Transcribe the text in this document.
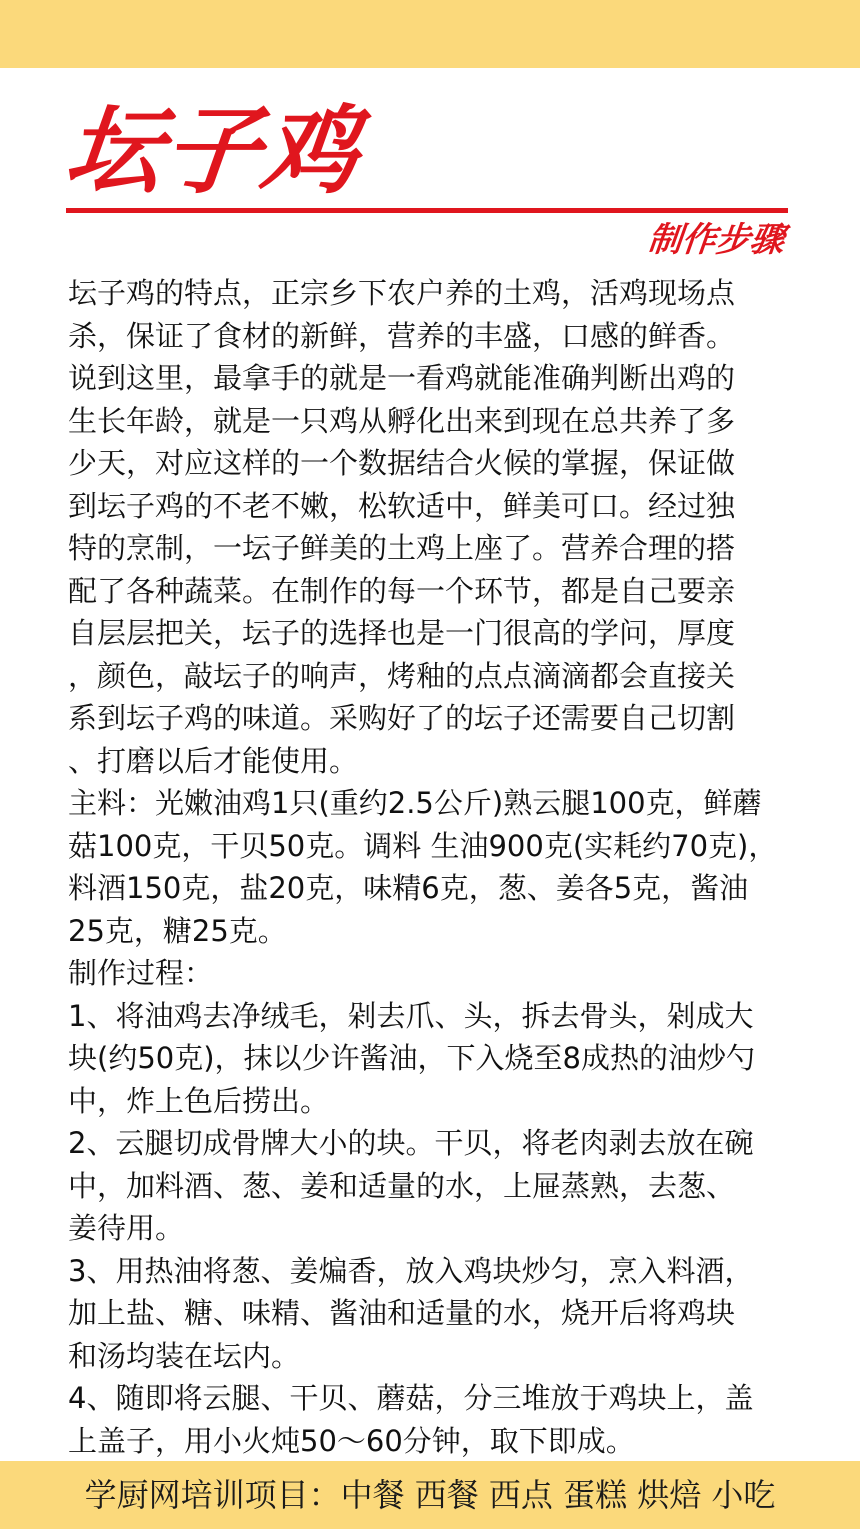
坛子鸡
制作步骤
坛子鸡的特点，正宗乡下农户养的土鸡，活鸡现场点
杀，保证了食材的新鲜，营养的丰盛，口感的鲜香。
说到这里，最拿手的就是一看鸡就能准确判断出鸡的
生长年龄，就是一只鸡从孵化出来到现在总共养了多
少天，对应这样的一个数据结合火候的掌握，保证做
到坛子鸡的不老不嫩，松软适中，鲜美可口。经过独
特的烹制，一坛子鲜美的土鸡上座了。营养合理的搭
配了各种蔬菜。在制作的每一个环节，都是自己要亲
自层层把关，坛子的选择也是一门很高的学问，厚度
，颜色，敲坛子的响声，烤釉的点点滴滴都会直接关
系到坛子鸡的味道。采购好了的坛子还需要自己切割
、打磨以后才能使用。
主料：光嫩油鸡1只(重约2.5公斤)熟云腿100克，鲜蘑
菇100克，干贝50克。调料 生油900克(实耗约70克)，
料酒150克，盐20克，味精6克，葱、姜各5克，酱油
25克，糖25克。
制作过程：
1、将油鸡去净绒毛，剁去爪、头，拆去骨头，剁成大
块(约50克)，抹以少许酱油，下入烧至8成热的油炒勺
中，炸上色后捞出。
2、云腿切成骨牌大小的块。干贝，将老肉剥去放在碗
中，加料酒、葱、姜和适量的水，上屉蒸熟，去葱、
姜待用。
3、用热油将葱、姜煸香，放入鸡块炒匀，烹入料酒，
加上盐、糖、味精、酱油和适量的水，烧开后将鸡块
和汤均装在坛内。
4、随即将云腿、干贝、蘑菇，分三堆放于鸡块上，盖
上盖子，用小火炖50～60分钟，取下即成。
学厨网培训项目：中餐 西餐 西点 蛋糕 烘焙 小吃
